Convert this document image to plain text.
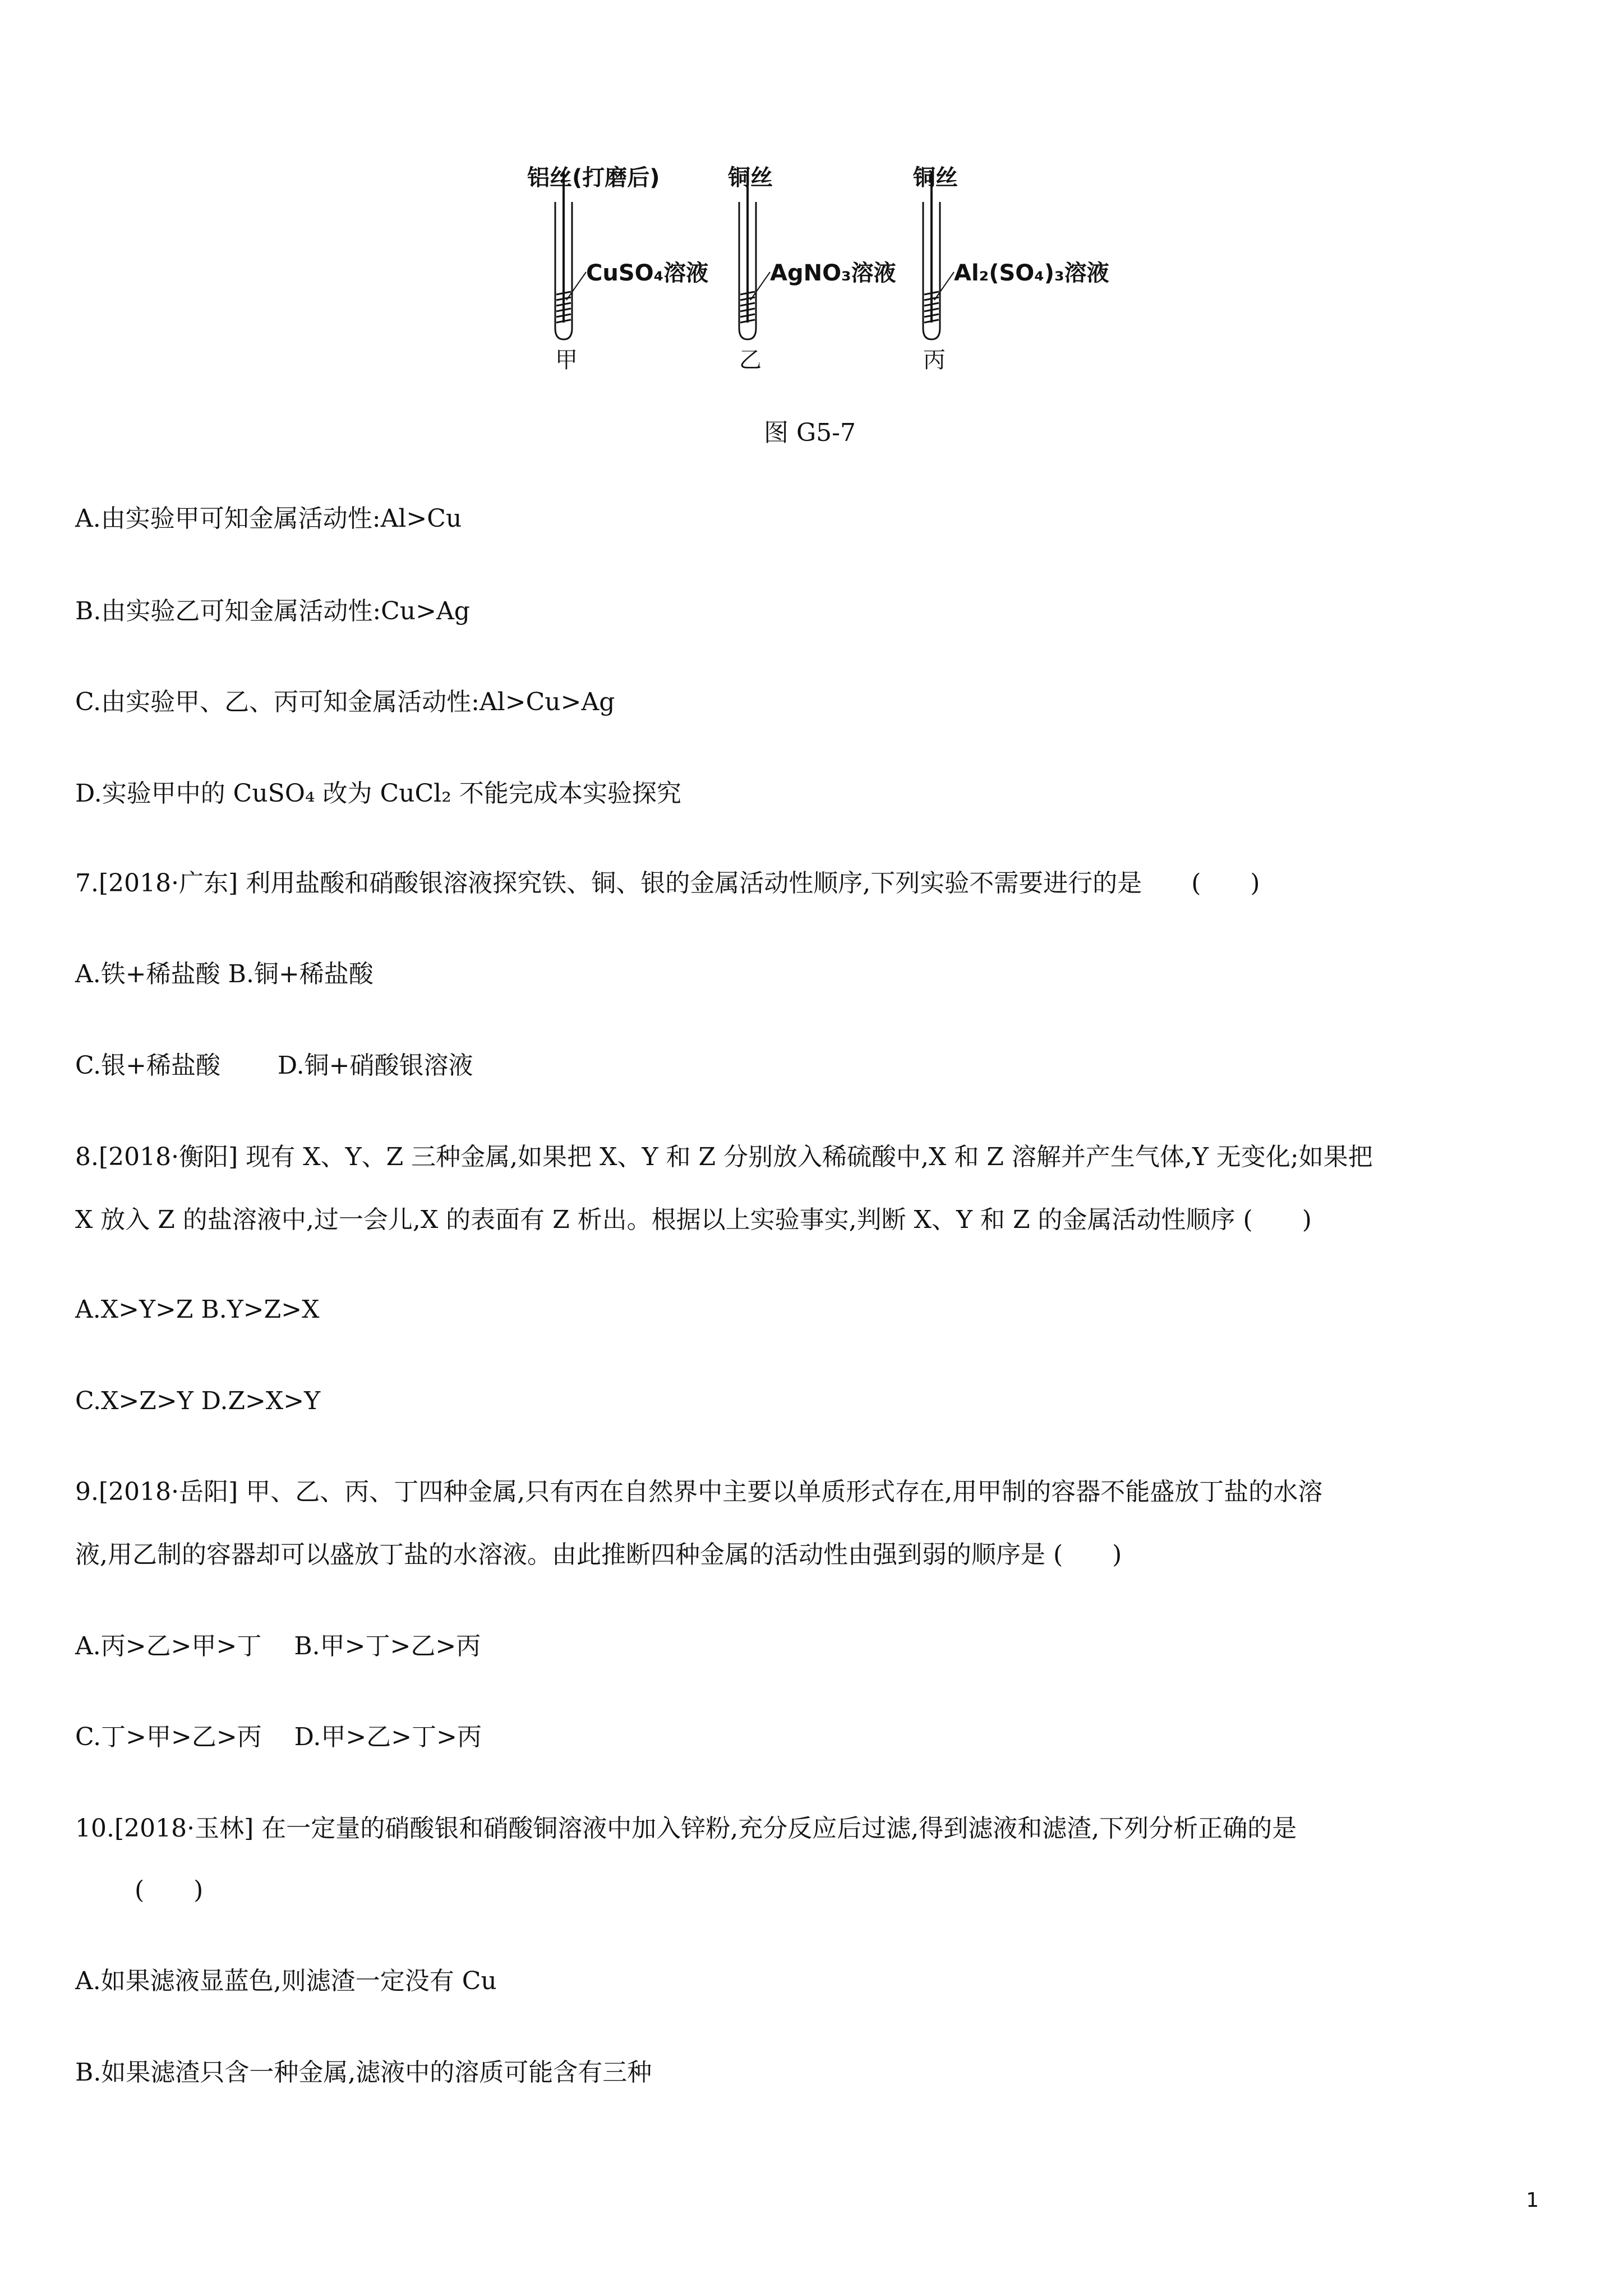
铝丝(打磨后)
CuSO₄溶液
甲
铜丝
AgNO₃溶液
乙
铜丝
Al₂(SO₄)₃溶液
丙
图 G5-7
A.由实验甲可知金属活动性:Al>Cu
B.由实验乙可知金属活动性:Cu>Ag
C.由实验甲、乙、丙可知金属活动性:Al>Cu>Ag
D.实验甲中的 CuSO₄ 改为 CuCl₂ 不能完成本实验探究
7.[2018·广东] 利用盐酸和硝酸银溶液探究铁、铜、银的金属活动性顺序,下列实验不需要进行的是　　(　　)
A.铁+稀盐酸 B.铜+稀盐酸
C.银+稀盐酸　　 D.铜+硝酸银溶液
8.[2018·衡阳] 现有 X、Y、Z 三种金属,如果把 X、Y 和 Z 分别放入稀硫酸中,X 和 Z 溶解并产生气体,Y 无变化;如果把
X 放入 Z 的盐溶液中,过一会儿,X 的表面有 Z 析出。根据以上实验事实,判断 X、Y 和 Z 的金属活动性顺序 (　　)
A.X>Y>Z B.Y>Z>X
C.X>Z>Y D.Z>X>Y
9.[2018·岳阳] 甲、乙、丙、丁四种金属,只有丙在自然界中主要以单质形式存在,用甲制的容器不能盛放丁盐的水溶
液,用乙制的容器却可以盛放丁盐的水溶液。由此推断四种金属的活动性由强到弱的顺序是 (　　)
A.丙>乙>甲>丁　 B.甲>丁>乙>丙
C.丁>甲>乙>丙　 D.甲>乙>丁>丙
10.[2018·玉林] 在一定量的硝酸银和硝酸铜溶液中加入锌粉,充分反应后过滤,得到滤液和滤渣,下列分析正确的是
(　　)
A.如果滤液显蓝色,则滤渣一定没有 Cu
B.如果滤渣只含一种金属,滤液中的溶质可能含有三种
1
